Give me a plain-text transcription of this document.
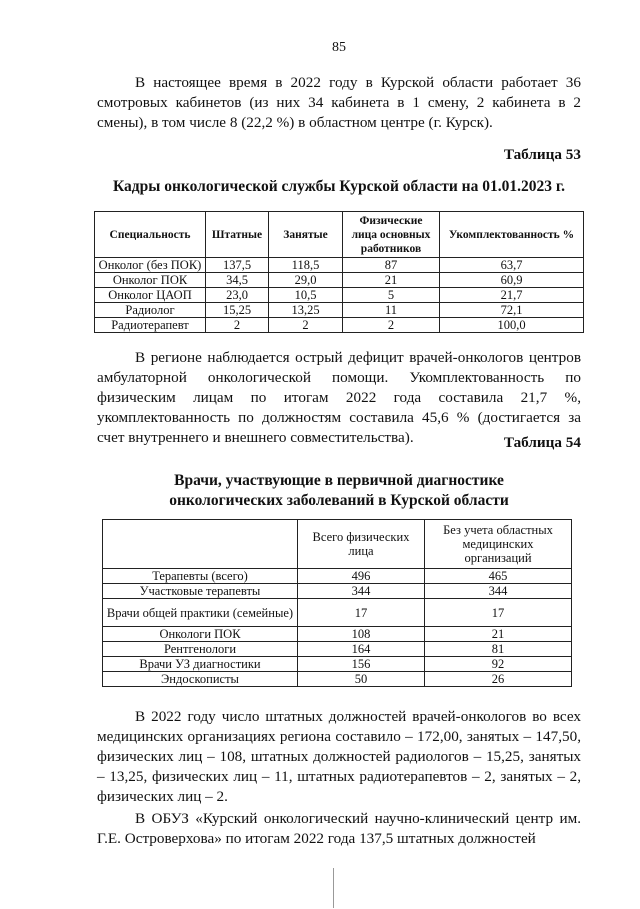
85

В настоящее время в 2022 году в Курской области работает 36 смотровых кабинетов (из них 34 кабинета в 1 смену, 2 кабинета в 2 смены), в том числе 8 (22,2 %) в областном центре (г. Курск).

Таблица 53

Кадры онкологической службы Курской области на 01.01.2023 г.

Специальность	Штатные	Занятые	Физические лица основных работников	Укомплектованность %
Онколог (без ПОК)	137,5	118,5	87	63,7
Онколог ПОК	34,5	29,0	21	60,9
Онколог ЦАОП	23,0	10,5	5	21,7
Радиолог	15,25	13,25	11	72,1
Радиотерапевт	2	2	2	100,0

В регионе наблюдается острый дефицит врачей-онкологов центров амбулаторной онкологической помощи. Укомплектованность по физическим лицам по итогам 2022 года составила 21,7 %, укомплектованность по должностям составила 45,6 % (достигается за счет внутреннего и внешнего совместительства).	Таблица 54

Врачи, участвующие в первичной диагностике онкологических заболеваний в Курской области

	Всего физических лица	Без учета областных медицинских организаций
Терапевты (всего)	496	465
Участковые терапевты	344	344
Врачи общей практики (семейные)	17	17
Онкологи ПОК	108	21
Рентгенологи	164	81
Врачи УЗ диагностики	156	92
Эндоскописты	50	26

В 2022 году число штатных должностей врачей-онкологов во всех медицинских организациях региона составило – 172,00, занятых – 147,50, физических лиц – 108, штатных должностей радиологов – 15,25, занятых – 13,25, физических лиц – 11, штатных радиотерапевтов – 2, занятых – 2, физических лиц – 2.

В ОБУЗ «Курский онкологический научно-клинический центр им. Г.Е. Островерхова» по итогам 2022 года 137,5 штатных должностей
